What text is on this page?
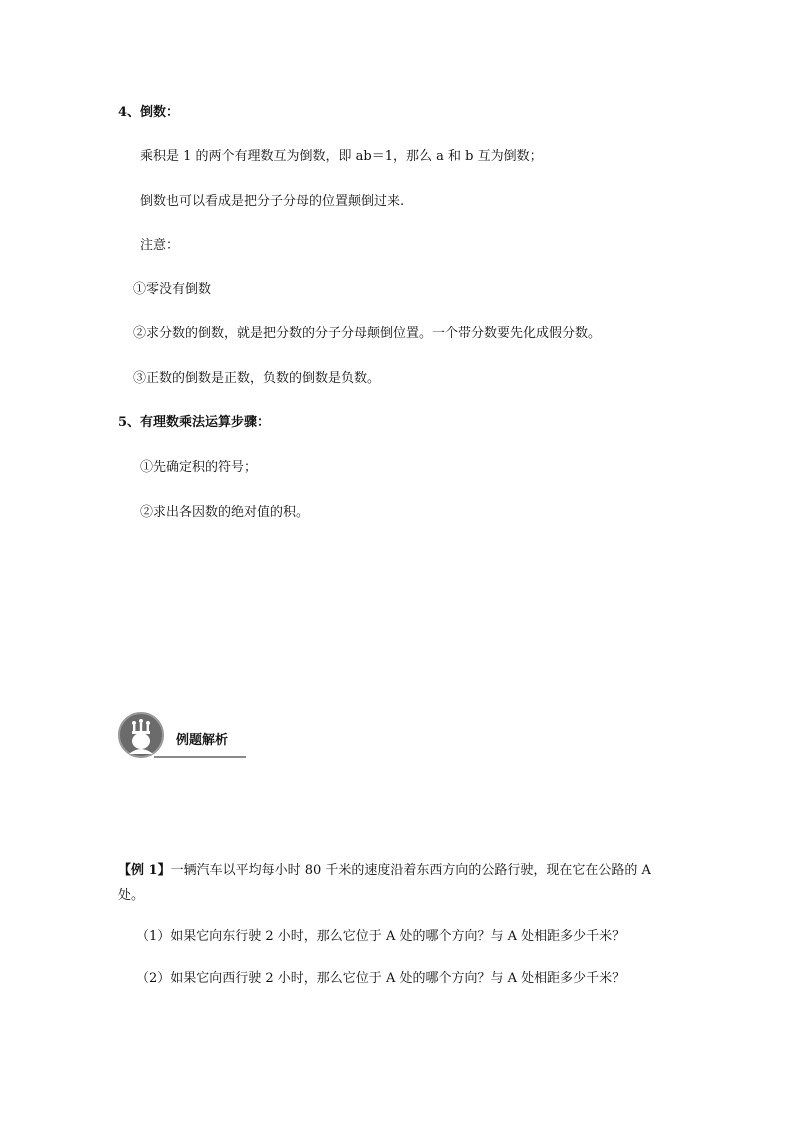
4、倒数：
乘积是 1 的两个有理数互为倒数，即 ab＝1，那么 a 和 b 互为倒数；
倒数也可以看成是把分子分母的位置颠倒过来.
注意：
①零没有倒数
②求分数的倒数，就是把分数的分子分母颠倒位置。一个带分数要先化成假分数。
③正数的倒数是正数，负数的倒数是负数。
5、有理数乘法运算步骤：
①先确定积的符号；
②求出各因数的绝对值的积。
例题解析
【例 1】一辆汽车以平均每小时 80 千米的速度沿着东西方向的公路行驶，现在它在公路的 A
处。
（1）如果它向东行驶 2 小时，那么它位于 A 处的哪个方向？与 A 处相距多少千米？
（2）如果它向西行驶 2 小时，那么它位于 A 处的哪个方向？与 A 处相距多少千米？
